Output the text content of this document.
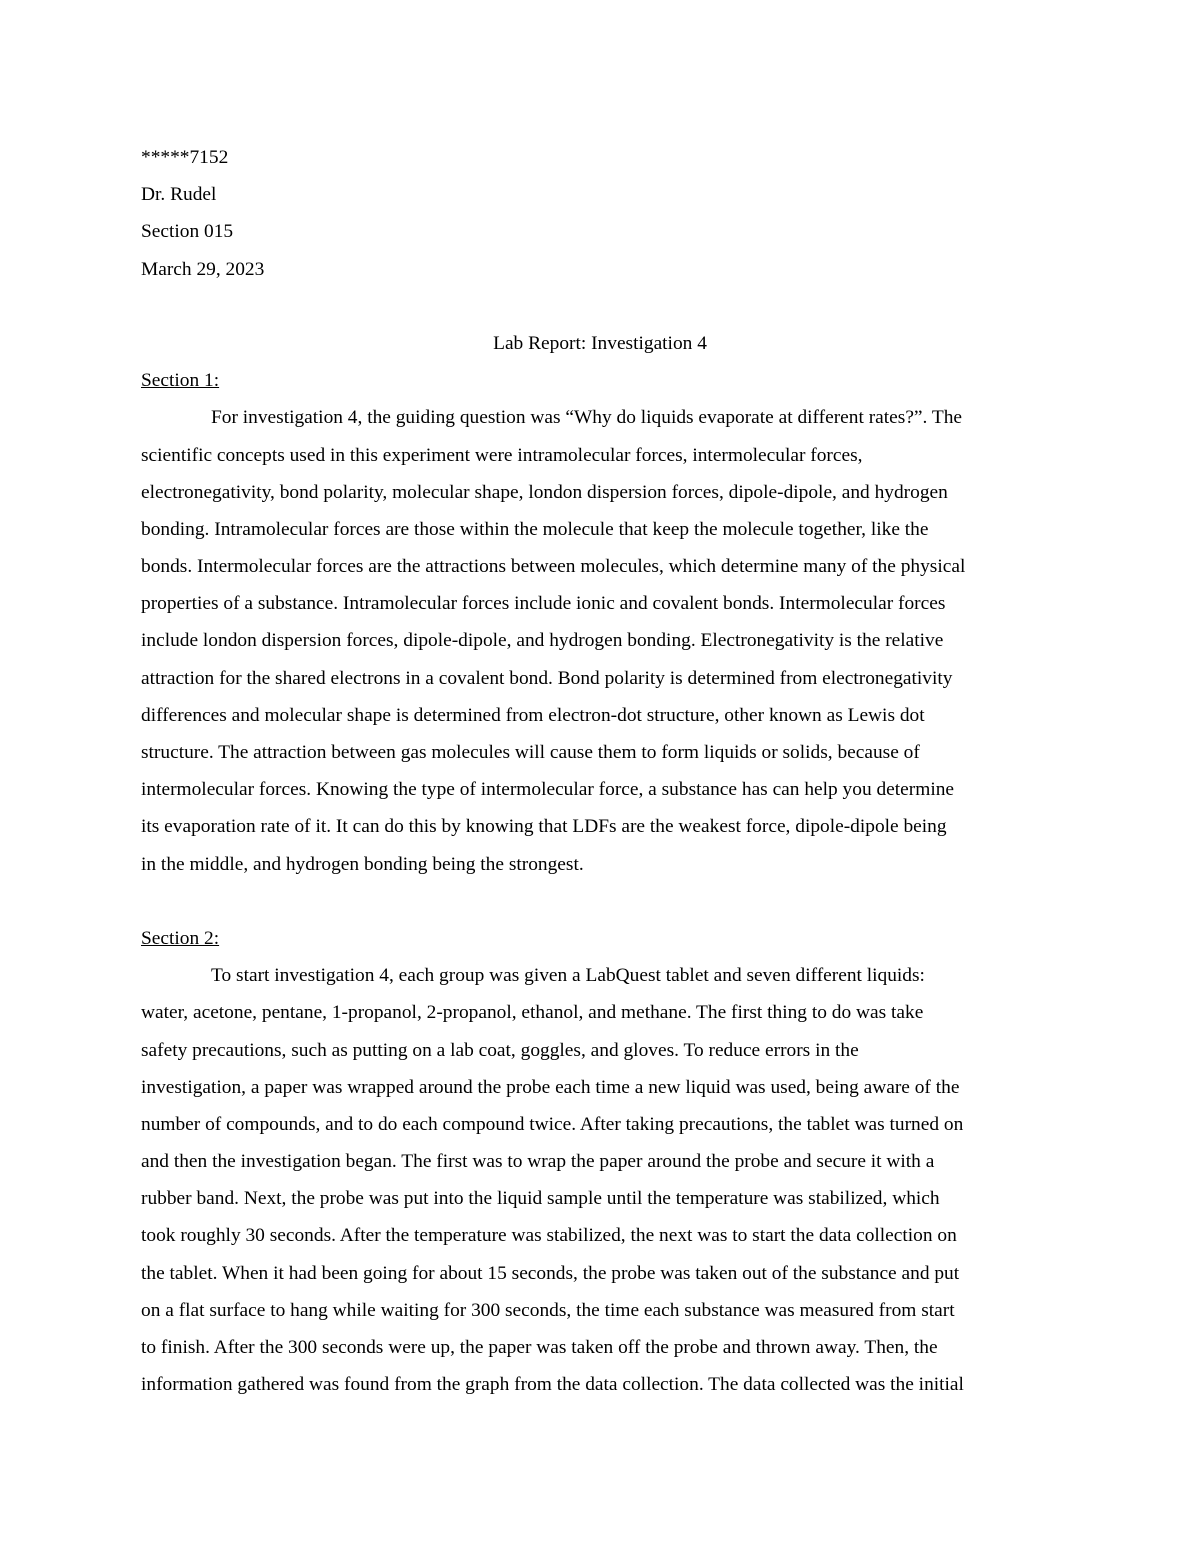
*****7152
Dr. Rudel
Section 015
March 29, 2023
Lab Report: Investigation 4
Section 1:
For investigation 4, the guiding question was “Why do liquids evaporate at different rates?”. The
scientific concepts used in this experiment were intramolecular forces, intermolecular forces,
electronegativity, bond polarity, molecular shape, london dispersion forces, dipole-dipole, and hydrogen
bonding. Intramolecular forces are those within the molecule that keep the molecule together, like the
bonds. Intermolecular forces are the attractions between molecules, which determine many of the physical
properties of a substance. Intramolecular forces include ionic and covalent bonds. Intermolecular forces
include london dispersion forces, dipole-dipole, and hydrogen bonding. Electronegativity is the relative
attraction for the shared electrons in a covalent bond. Bond polarity is determined from electronegativity
differences and molecular shape is determined from electron-dot structure, other known as Lewis dot
structure. The attraction between gas molecules will cause them to form liquids or solids, because of
intermolecular forces. Knowing the type of intermolecular force, a substance has can help you determine
its evaporation rate of it. It can do this by knowing that LDFs are the weakest force, dipole-dipole being
in the middle, and hydrogen bonding being the strongest.
Section 2:
To start investigation 4, each group was given a LabQuest tablet and seven different liquids:
water, acetone, pentane, 1-propanol, 2-propanol, ethanol, and methane. The first thing to do was take
safety precautions, such as putting on a lab coat, goggles, and gloves. To reduce errors in the
investigation, a paper was wrapped around the probe each time a new liquid was used, being aware of the
number of compounds, and to do each compound twice. After taking precautions, the tablet was turned on
and then the investigation began. The first was to wrap the paper around the probe and secure it with a
rubber band. Next, the probe was put into the liquid sample until the temperature was stabilized, which
took roughly 30 seconds. After the temperature was stabilized, the next was to start the data collection on
the tablet. When it had been going for about 15 seconds, the probe was taken out of the substance and put
on a flat surface to hang while waiting for 300 seconds, the time each substance was measured from start
to finish. After the 300 seconds were up, the paper was taken off the probe and thrown away. Then, the
information gathered was found from the graph from the data collection. The data collected was the initial
